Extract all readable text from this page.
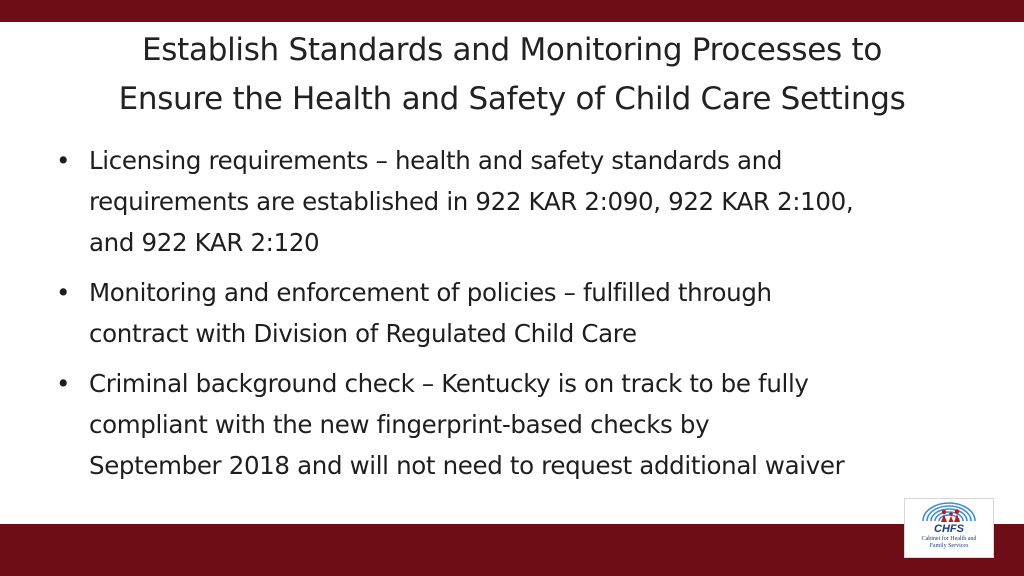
Establish Standards and Monitoring Processes to
Ensure the Health and Safety of Child Care Settings
• Licensing requirements – health and safety standards and
requirements are established in 922 KAR 2:090, 922 KAR 2:100,
and 922 KAR 2:120
• Monitoring and enforcement of policies – fulfilled through
contract with Division of Regulated Child Care
• Criminal background check – Kentucky is on track to be fully
compliant with the new fingerprint-based checks by
September 2018 and will not need to request additional waiver
CHFS
Cabinet for Health and
Family Services
